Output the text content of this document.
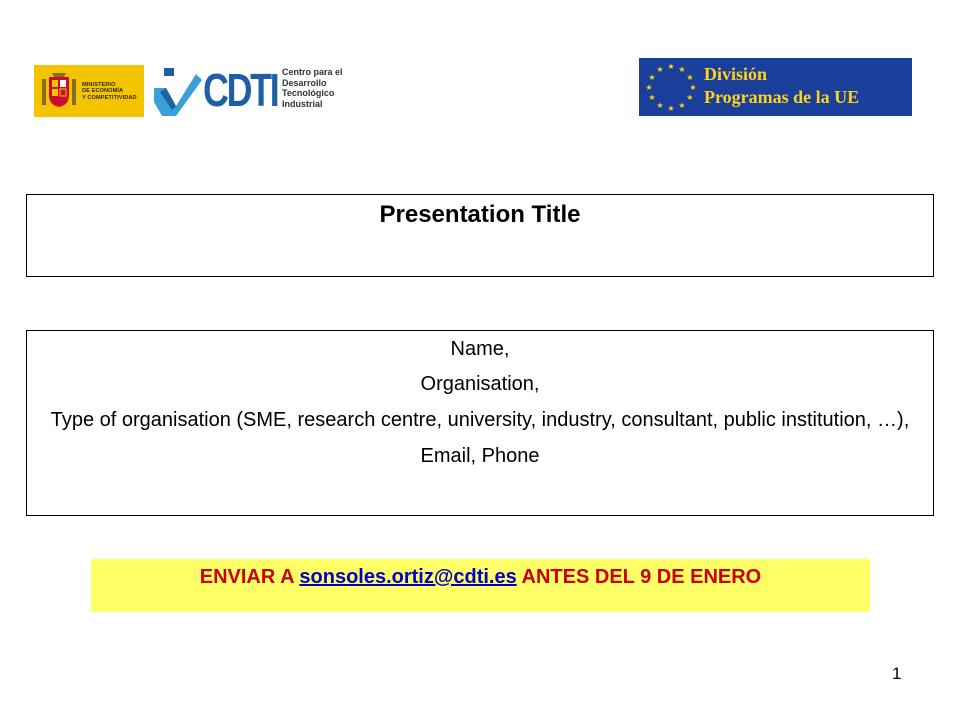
MINISTERIO
DE ECONOMÍA
Y COMPETITIVIDAD CDTI Centro para el
Desarrollo
Tecnológico
Industrial
★ ★
★
★
★
★
★
★
★
★
★
★ División
Programas de la UE
Presentation Title
Name,
Organisation,
Type of organisation (SME, research centre, university, industry, consultant, public institution, …),
Email, Phone
ENVIAR A sonsoles.ortiz@cdti.es ANTES DEL 9 DE ENERO
1
